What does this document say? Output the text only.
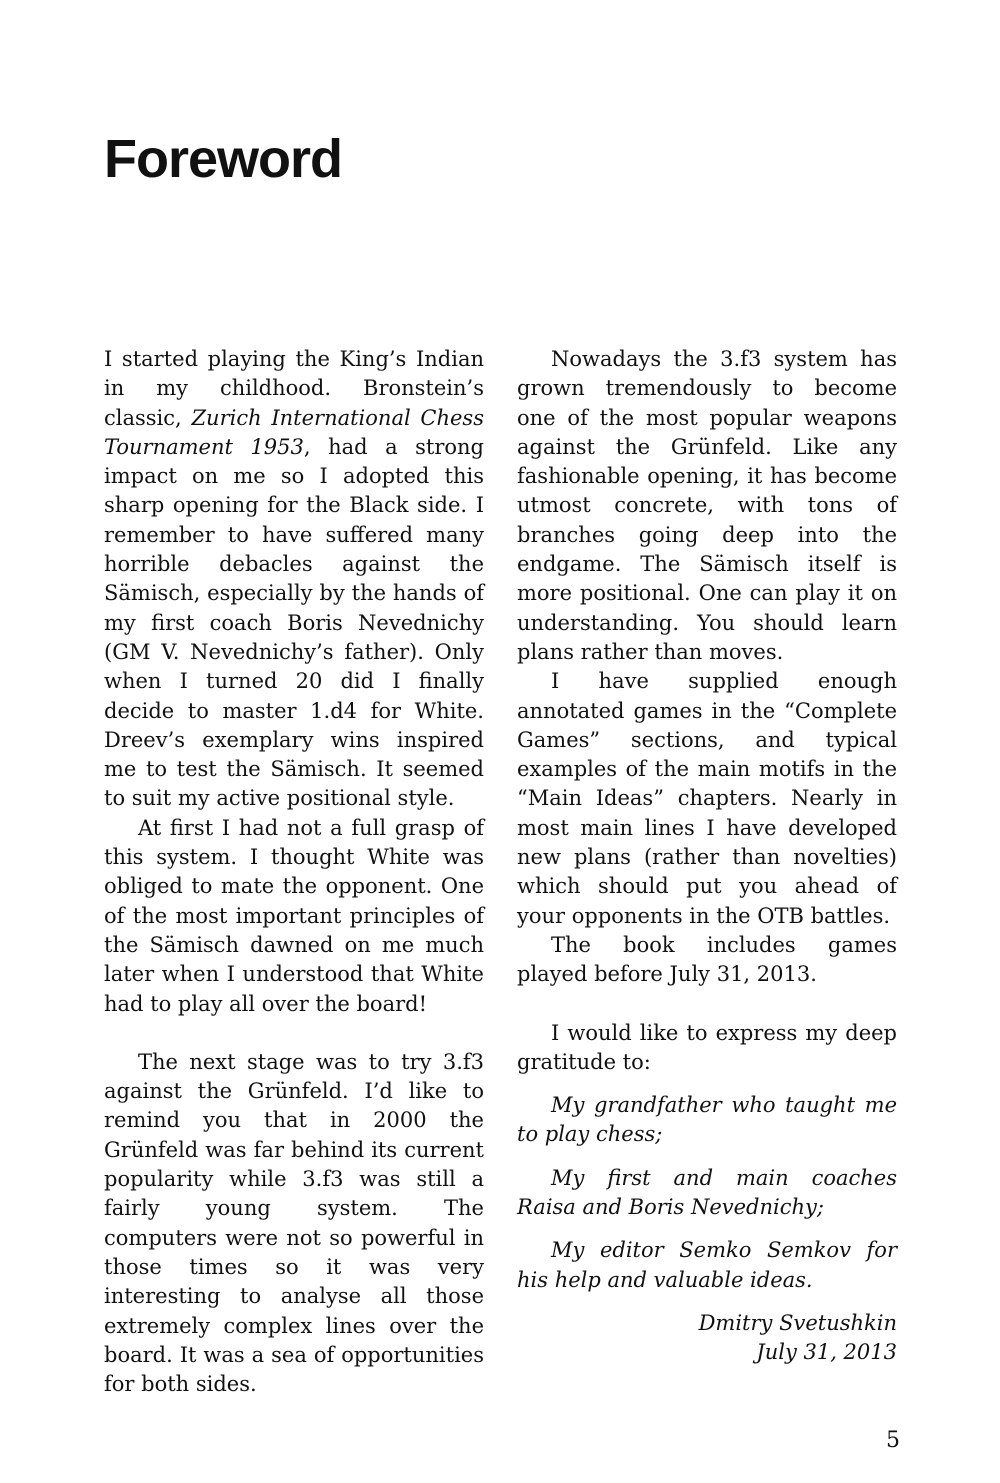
Foreword

I started playing the King’s Indian in my childhood. Bronstein’s classic, Zurich International Chess Tournament 1953, had a strong impact on me so I adopted this sharp opening for the Black side. I remember to have suffered many horrible debacles against the Sämisch, especially by the hands of my first coach Boris Nevednichy (GM V. Nevednichy’s father). Only when I turned 20 did I finally decide to master 1.d4 for White. Dreev’s exemplary wins inspired me to test the Sämisch. It seemed to suit my active positional style.

At first I had not a full grasp of this system. I thought White was obliged to mate the opponent. One of the most important principles of the Sämisch dawned on me much later when I understood that White had to play all over the board!

The next stage was to try 3.f3 against the Grünfeld. I’d like to remind you that in 2000 the Grünfeld was far behind its current popularity while 3.f3 was still a fairly young system. The computers were not so powerful in those times so it was very interesting to analyse all those extremely complex lines over the board. It was a sea of opportunities for both sides.

Nowadays the 3.f3 system has grown tremendously to become one of the most popular weapons against the Grünfeld. Like any fashionable opening, it has become utmost concrete, with tons of branches going deep into the endgame. The Sämisch itself is more positional. One can play it on understanding. You should learn plans rather than moves.

I have supplied enough annotated games in the “Complete Games” sections, and typical examples of the main motifs in the “Main Ideas” chapters. Nearly in most main lines I have developed new plans (rather than novelties) which should put you ahead of your opponents in the OTB battles.

The book includes games played before July 31, 2013.

I would like to express my deep gratitude to:

My grandfather who taught me to play chess;

My first and main coaches Raisa and Boris Nevednichy;

My editor Semko Semkov for his help and valuable ideas.

Dmitry Svetushkin

July 31, 2013

5
